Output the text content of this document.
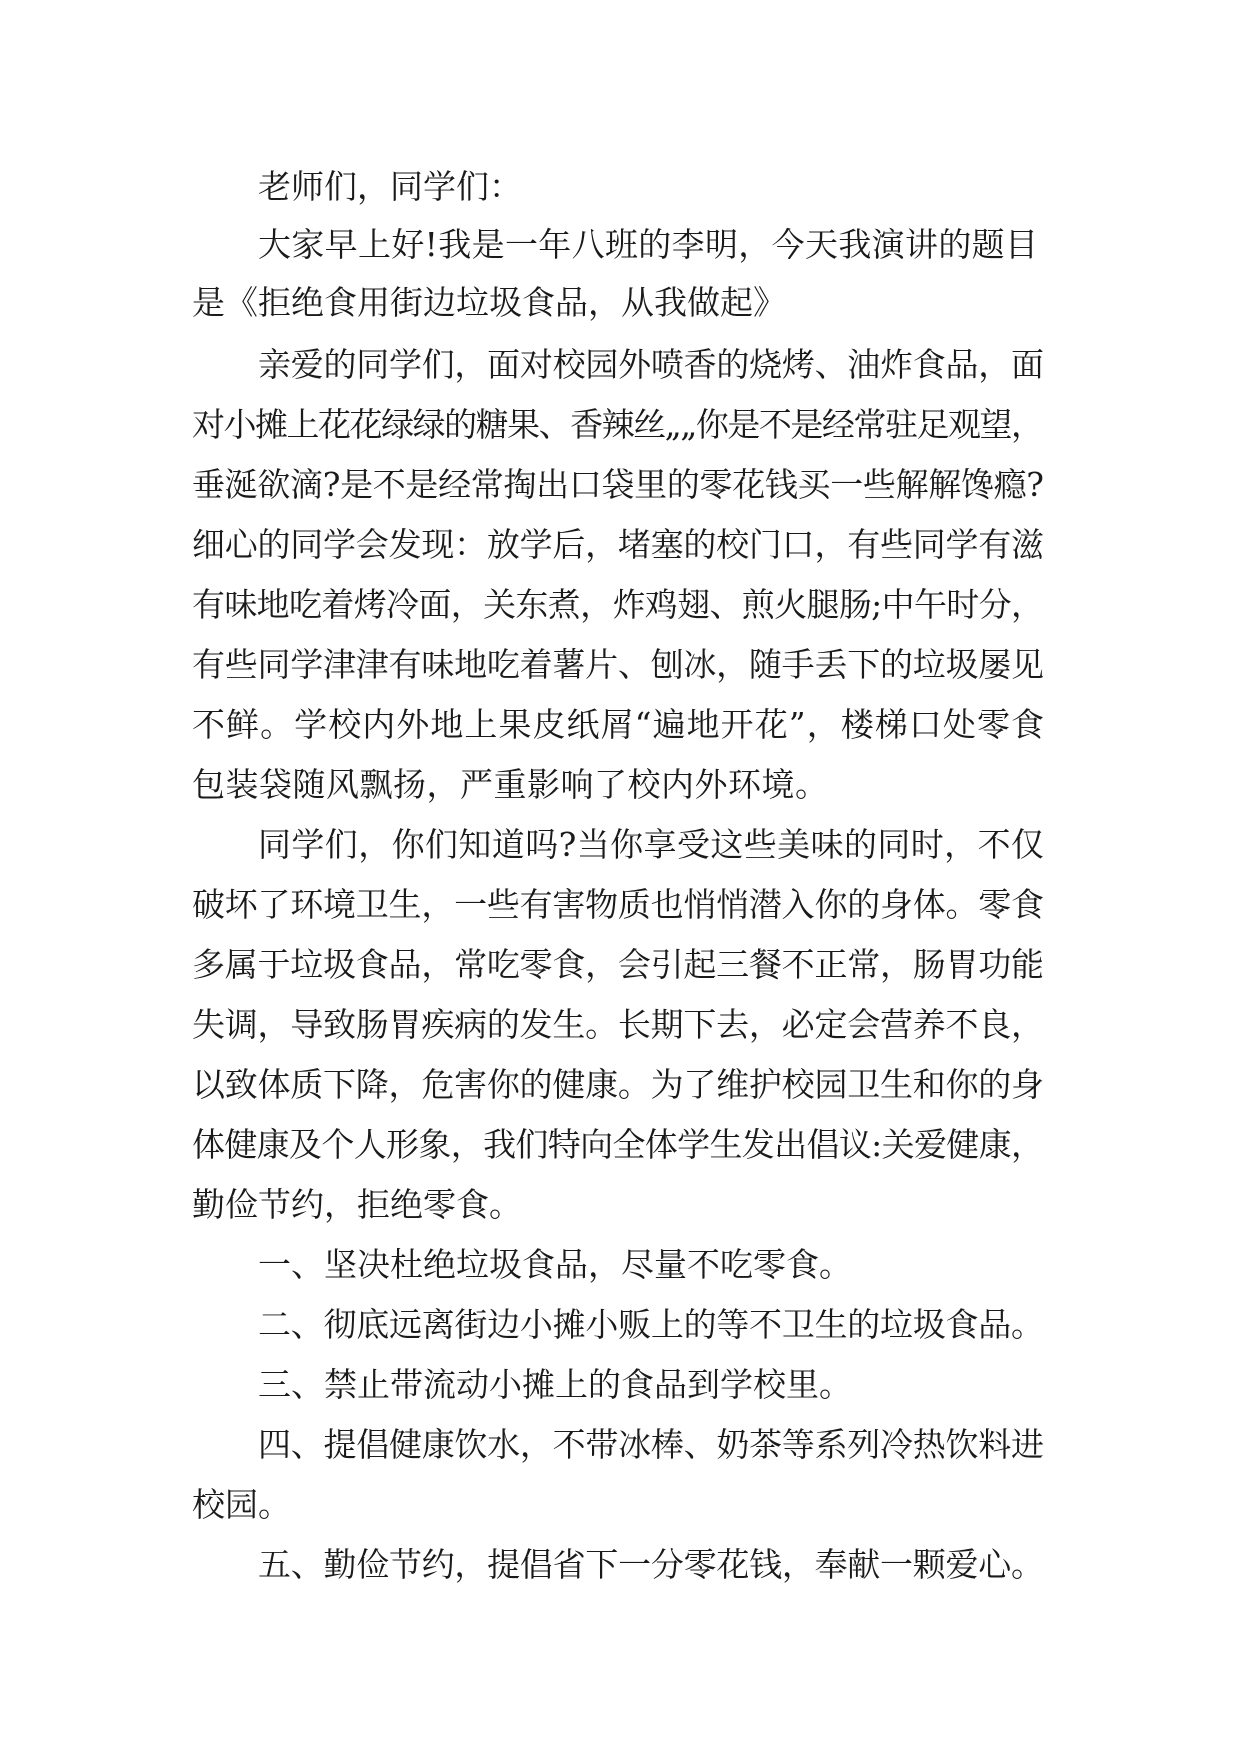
老师们，同学们：
大家早上好!我是一年八班的李明，今天我演讲的题目
是《拒绝食用街边垃圾食品，从我做起》
亲爱的同学们，面对校园外喷香的烧烤、油炸食品，面
对小摊上花花绿绿的糖果、香辣丝„„你是不是经常驻足观望，
垂涎欲滴?是不是经常掏出口袋里的零花钱买一些解解馋瘾?
细心的同学会发现：放学后，堵塞的校门口，有些同学有滋
有味地吃着烤冷面，关东煮，炸鸡翅、煎火腿肠;中午时分，
有些同学津津有味地吃着薯片、刨冰，随手丢下的垃圾屡见
不鲜。学校内外地上果皮纸屑“遍地开花”，楼梯口处零食
包装袋随风飘扬，严重影响了校内外环境。
同学们，你们知道吗?当你享受这些美味的同时，不仅
破坏了环境卫生，一些有害物质也悄悄潜入你的身体。零食
多属于垃圾食品，常吃零食，会引起三餐不正常，肠胃功能
失调，导致肠胃疾病的发生。长期下去，必定会营养不良，
以致体质下降，危害你的健康。为了维护校园卫生和你的身
体健康及个人形象，我们特向全体学生发出倡议:关爱健康，
勤俭节约，拒绝零食。
一、坚决杜绝垃圾食品，尽量不吃零食。
二、彻底远离街边小摊小贩上的等不卫生的垃圾食品。
三、禁止带流动小摊上的食品到学校里。
四、提倡健康饮水，不带冰棒、奶茶等系列冷热饮料进
校园。
五、勤俭节约，提倡省下一分零花钱，奉献一颗爱心。
